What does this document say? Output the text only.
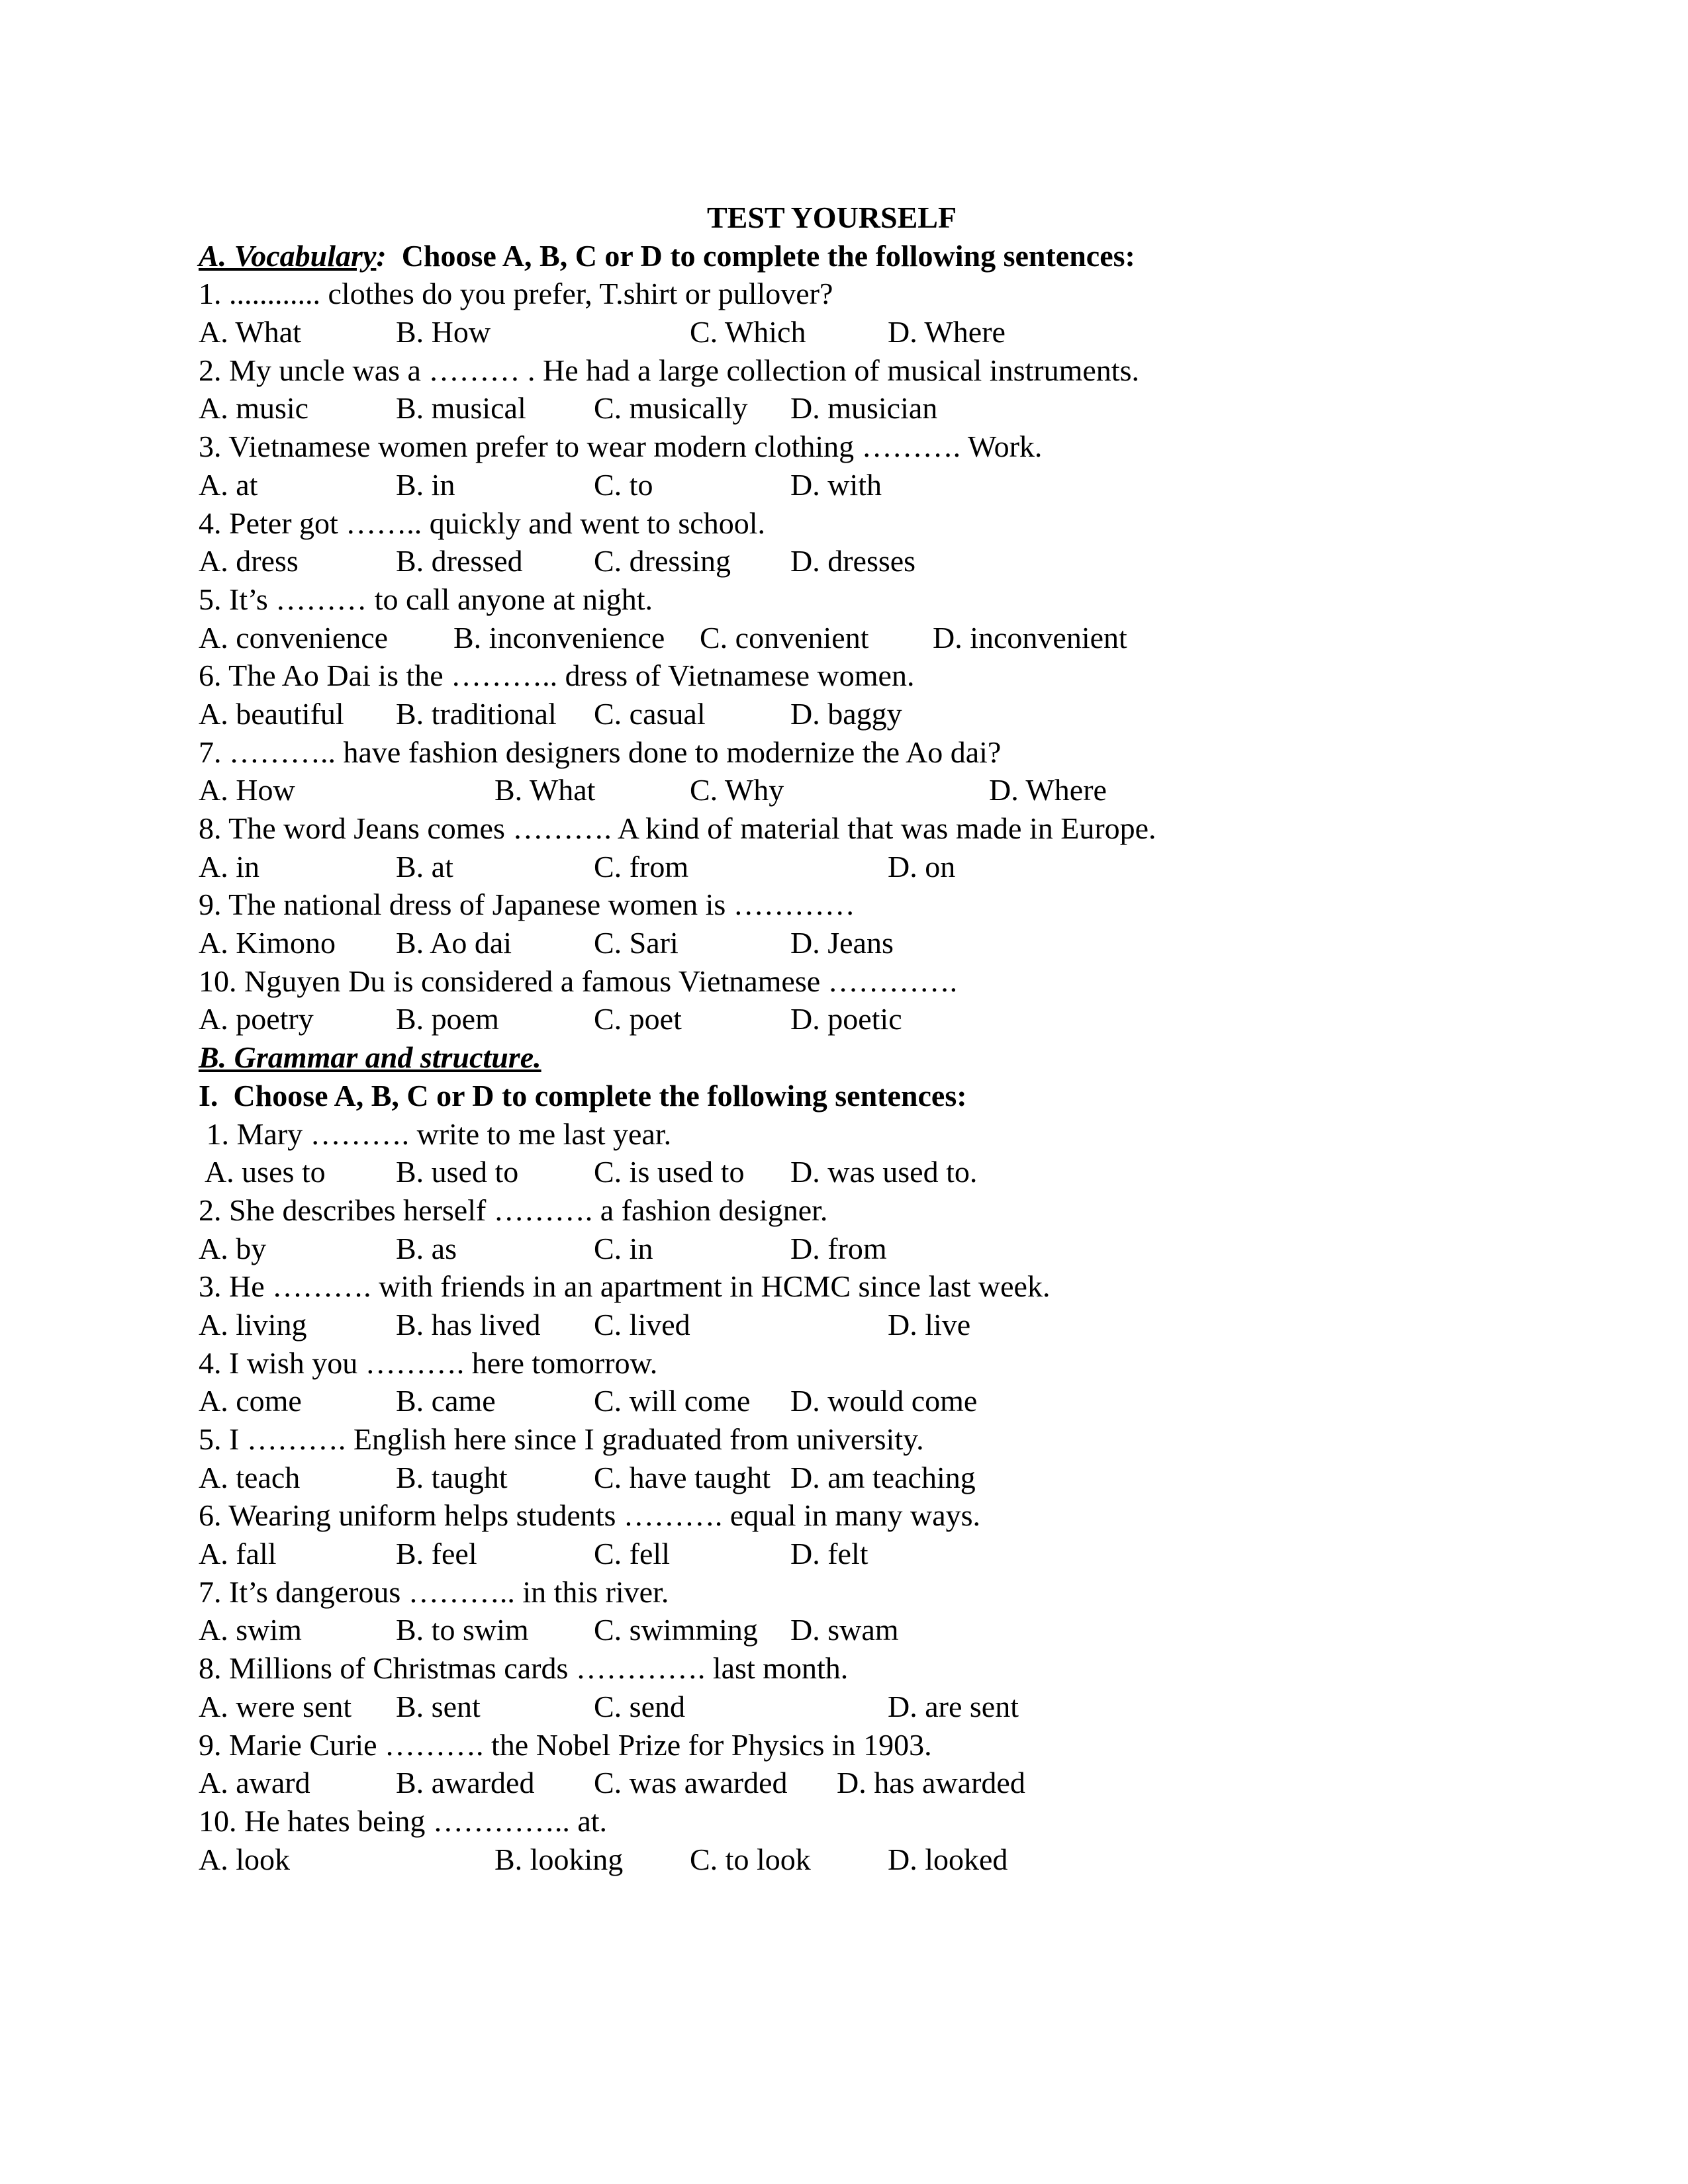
TEST YOURSELF
A. Vocabulary: Choose A, B, C or D to complete the following sentences:
1. ............ clothes do you prefer, T.shirt or pullover?
A. What	B. How	C. Which	D. Where
2. My uncle was a ……… . He had a large collection of musical instruments.
A. music	B. musical C. musically D. musician
3. Vietnamese women prefer to wear modern clothing ………. Work.
A. at	B. in	C. to	D. with
4. Peter got …….. quickly and went to school.
A. dress	B. dressed C. dressing D. dresses
5. It’s ……… to call anyone at night.
A. convenience B. inconvenience C. convenient D. inconvenient
6. The Ao Dai is the ……….. dress of Vietnamese women.
A. beautiful B. traditional C. casual	D. baggy
7. ……….. have fashion designers done to modernize the Ao dai?
A. How	B. What	C. Why	D. Where
8. The word Jeans comes ………. A kind of material that was made in Europe.
A. in	B. at	C. from	D. on
9. The national dress of Japanese women is …………
A. Kimono B. Ao dai	C. Sari	D. Jeans
10. Nguyen Du is considered a famous Vietnamese ………….
A. poetry	B. poem	C. poet	D. poetic
B. Grammar and structure.
I.  Choose A, B, C or D to complete the following sentences:
1. Mary ………. write to me last year.
A. uses to B. used to C. is used to D. was used to.
2. She describes herself ………. a fashion designer.
A. by	B. as	C. in	D. from
3. He ………. with friends in an apartment in HCMC since last week.
A. living	B. has lived C. lived	D. live
4. I wish you ………. here tomorrow.
A. come	B. came	C. will come D. would come
5. I ………. English here since I graduated from university.
A. teach	B. taught	C. have taught D. am teaching
6. Wearing uniform helps students ………. equal in many ways.
A. fall	B. feel	C. fell	D. felt
7. It’s dangerous ……….. in this river.
A. swim	B. to swim C. swimming D. swam
8. Millions of Christmas cards …………. last month.
A. were sent B. sent	C. send	D. are sent
9. Marie Curie ………. the Nobel Prize for Physics in 1903.
A. award	B. awarded C. was awarded D. has awarded
10. He hates being ………….. at.
A. look	B. looking C. to look	D. looked
